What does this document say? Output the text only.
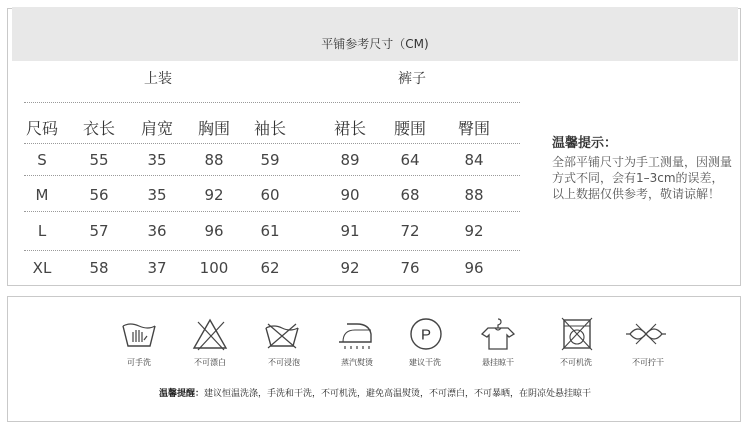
平铺参考尺寸（CM)
上装	裤子
尺码	衣长	肩宽	胸围	袖长	裙长	腰围	臀围
S	55	35	88	59	89	64	84
M	56	35	92	60	90	68	88
L	57	36	96	61	91	72	92
XL	58	37	100	62	92	76	96
温馨提示：
全部平铺尺寸为手工测量，因测量方式不同，会有1–3cm的误差，以上数据仅供参考，敬请谅解！
P
可手洗	不可漂白	不可浸泡	蒸汽熨烫	建议干洗	悬挂晾干	不可机洗	不可拧干
温馨提醒：建议恒温洗涤，手洗和干洗，不可机洗，避免高温熨烫，不可漂白，不可暴晒，在阴凉处悬挂晾干
